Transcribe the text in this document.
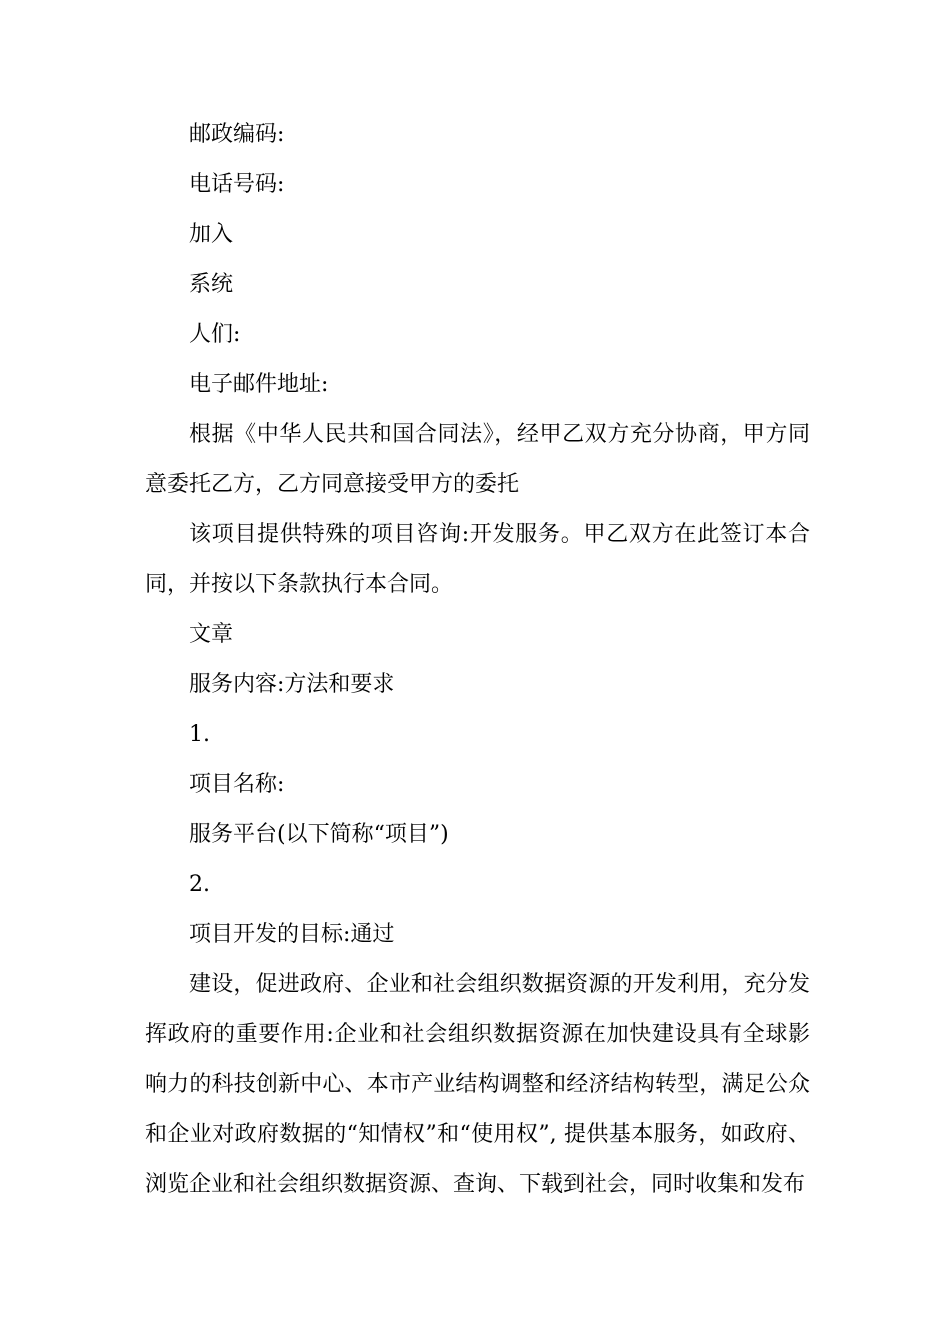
邮政编码:

电话号码:

加入

系统

人们:

电子邮件地址:

根据《中华人民共和国合同法》，经甲乙双方充分协商，甲方同意委托乙方，乙方同意接受甲方的委托

该项目提供特殊的项目咨询:开发服务。甲乙双方在此签订本合同，并按以下条款执行本合同。

文章

服务内容:方法和要求

1.

项目名称:

服务平台(以下简称“项目”)

2.

项目开发的目标:通过

建设，促进政府、企业和社会组织数据资源的开发利用，充分发挥政府的重要作用:企业和社会组织数据资源在加快建设具有全球影响力的科技创新中心、本市产业结构调整和经济结构转型，满足公众和企业对政府数据的“知情权”和“使用权”, 提供基本服务，如政府、浏览企业和社会组织数据资源、查询、下载到社会，同时收集和发布
